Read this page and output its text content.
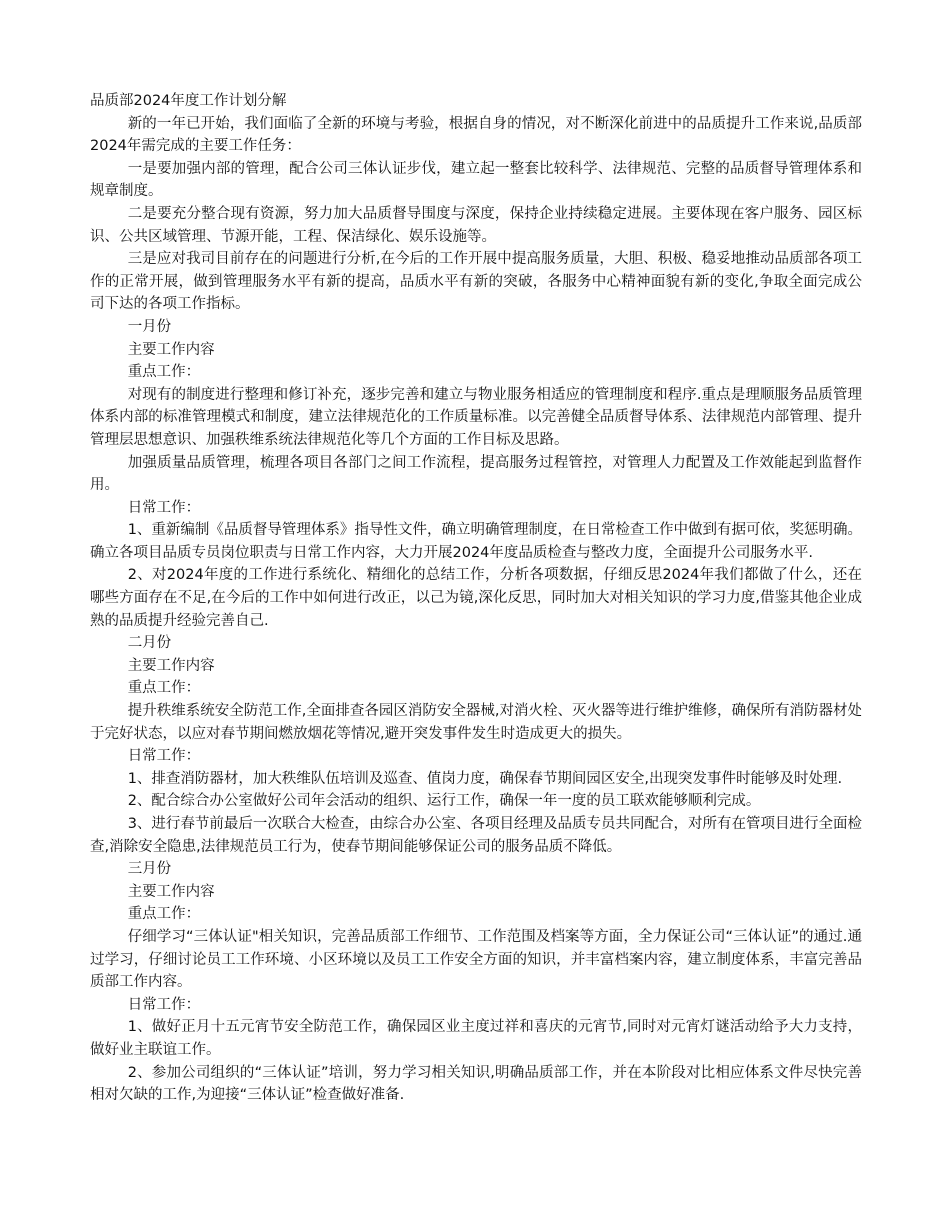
品质部2024年度工作计划分解

新的一年已开始，我们面临了全新的环境与考验，根据自身的情况，对不断深化前进中的品质提升工作来说,品质部2024年需完成的主要工作任务：

一是要加强内部的管理，配合公司三体认证步伐，建立起一整套比较科学、法律规范、完整的品质督导管理体系和规章制度。

二是要充分整合现有资源，努力加大品质督导围度与深度，保持企业持续稳定进展。主要体现在客户服务、园区标识、公共区域管理、节源开能，工程、保洁绿化、娱乐设施等。

三是应对我司目前存在的问题进行分析,在今后的工作开展中提高服务质量，大胆、积极、稳妥地推动品质部各项工作的正常开展，做到管理服务水平有新的提高，品质水平有新的突破，各服务中心精神面貌有新的变化,争取全面完成公司下达的各项工作指标。

一月份

主要工作内容

重点工作：

对现有的制度进行整理和修订补充，逐步完善和建立与物业服务相适应的管理制度和程序.重点是理顺服务品质管理体系内部的标准管理模式和制度，建立法律规范化的工作质量标准。以完善健全品质督导体系、法律规范内部管理、提升管理层思想意识、加强秩维系统法律规范化等几个方面的工作目标及思路。

加强质量品质管理，梳理各项目各部门之间工作流程，提高服务过程管控，对管理人力配置及工作效能起到监督作用。

日常工作：

1、重新编制《品质督导管理体系》指导性文件，确立明确管理制度，在日常检查工作中做到有据可依，奖惩明确。确立各项目品质专员岗位职责与日常工作内容，大力开展2024年度品质检查与整改力度，全面提升公司服务水平.

2、对2024年度的工作进行系统化、精细化的总结工作，分析各项数据，仔细反思2024年我们都做了什么，还在哪些方面存在不足,在今后的工作中如何进行改正，以己为镜,深化反思，同时加大对相关知识的学习力度,借鉴其他企业成熟的品质提升经验完善自己.

二月份

主要工作内容

重点工作：

提升秩维系统安全防范工作,全面排查各园区消防安全器械,对消火栓、灭火器等进行维护维修，确保所有消防器材处于完好状态，以应对春节期间燃放烟花等情况,避开突发事件发生时造成更大的损失。

日常工作：

1、排查消防器材，加大秩维队伍培训及巡查、值岗力度，确保春节期间园区安全,出现突发事件时能够及时处理.

2、配合综合办公室做好公司年会活动的组织、运行工作，确保一年一度的员工联欢能够顺利完成。

3、进行春节前最后一次联合大检查，由综合办公室、各项目经理及品质专员共同配合，对所有在管项目进行全面检查,消除安全隐患,法律规范员工行为，使春节期间能够保证公司的服务品质不降低。

三月份

主要工作内容

重点工作：

仔细学习“三体认证"相关知识，完善品质部工作细节、工作范围及档案等方面，全力保证公司“三体认证”的通过.通过学习，仔细讨论员工工作环境、小区环境以及员工工作安全方面的知识，并丰富档案内容，建立制度体系，丰富完善品质部工作内容。

日常工作：

1、做好正月十五元宵节安全防范工作，确保园区业主度过祥和喜庆的元宵节,同时对元宵灯谜活动给予大力支持，做好业主联谊工作。

2、参加公司组织的“三体认证”培训，努力学习相关知识,明确品质部工作，并在本阶段对比相应体系文件尽快完善相对欠缺的工作,为迎接“三体认证”检查做好准备.
